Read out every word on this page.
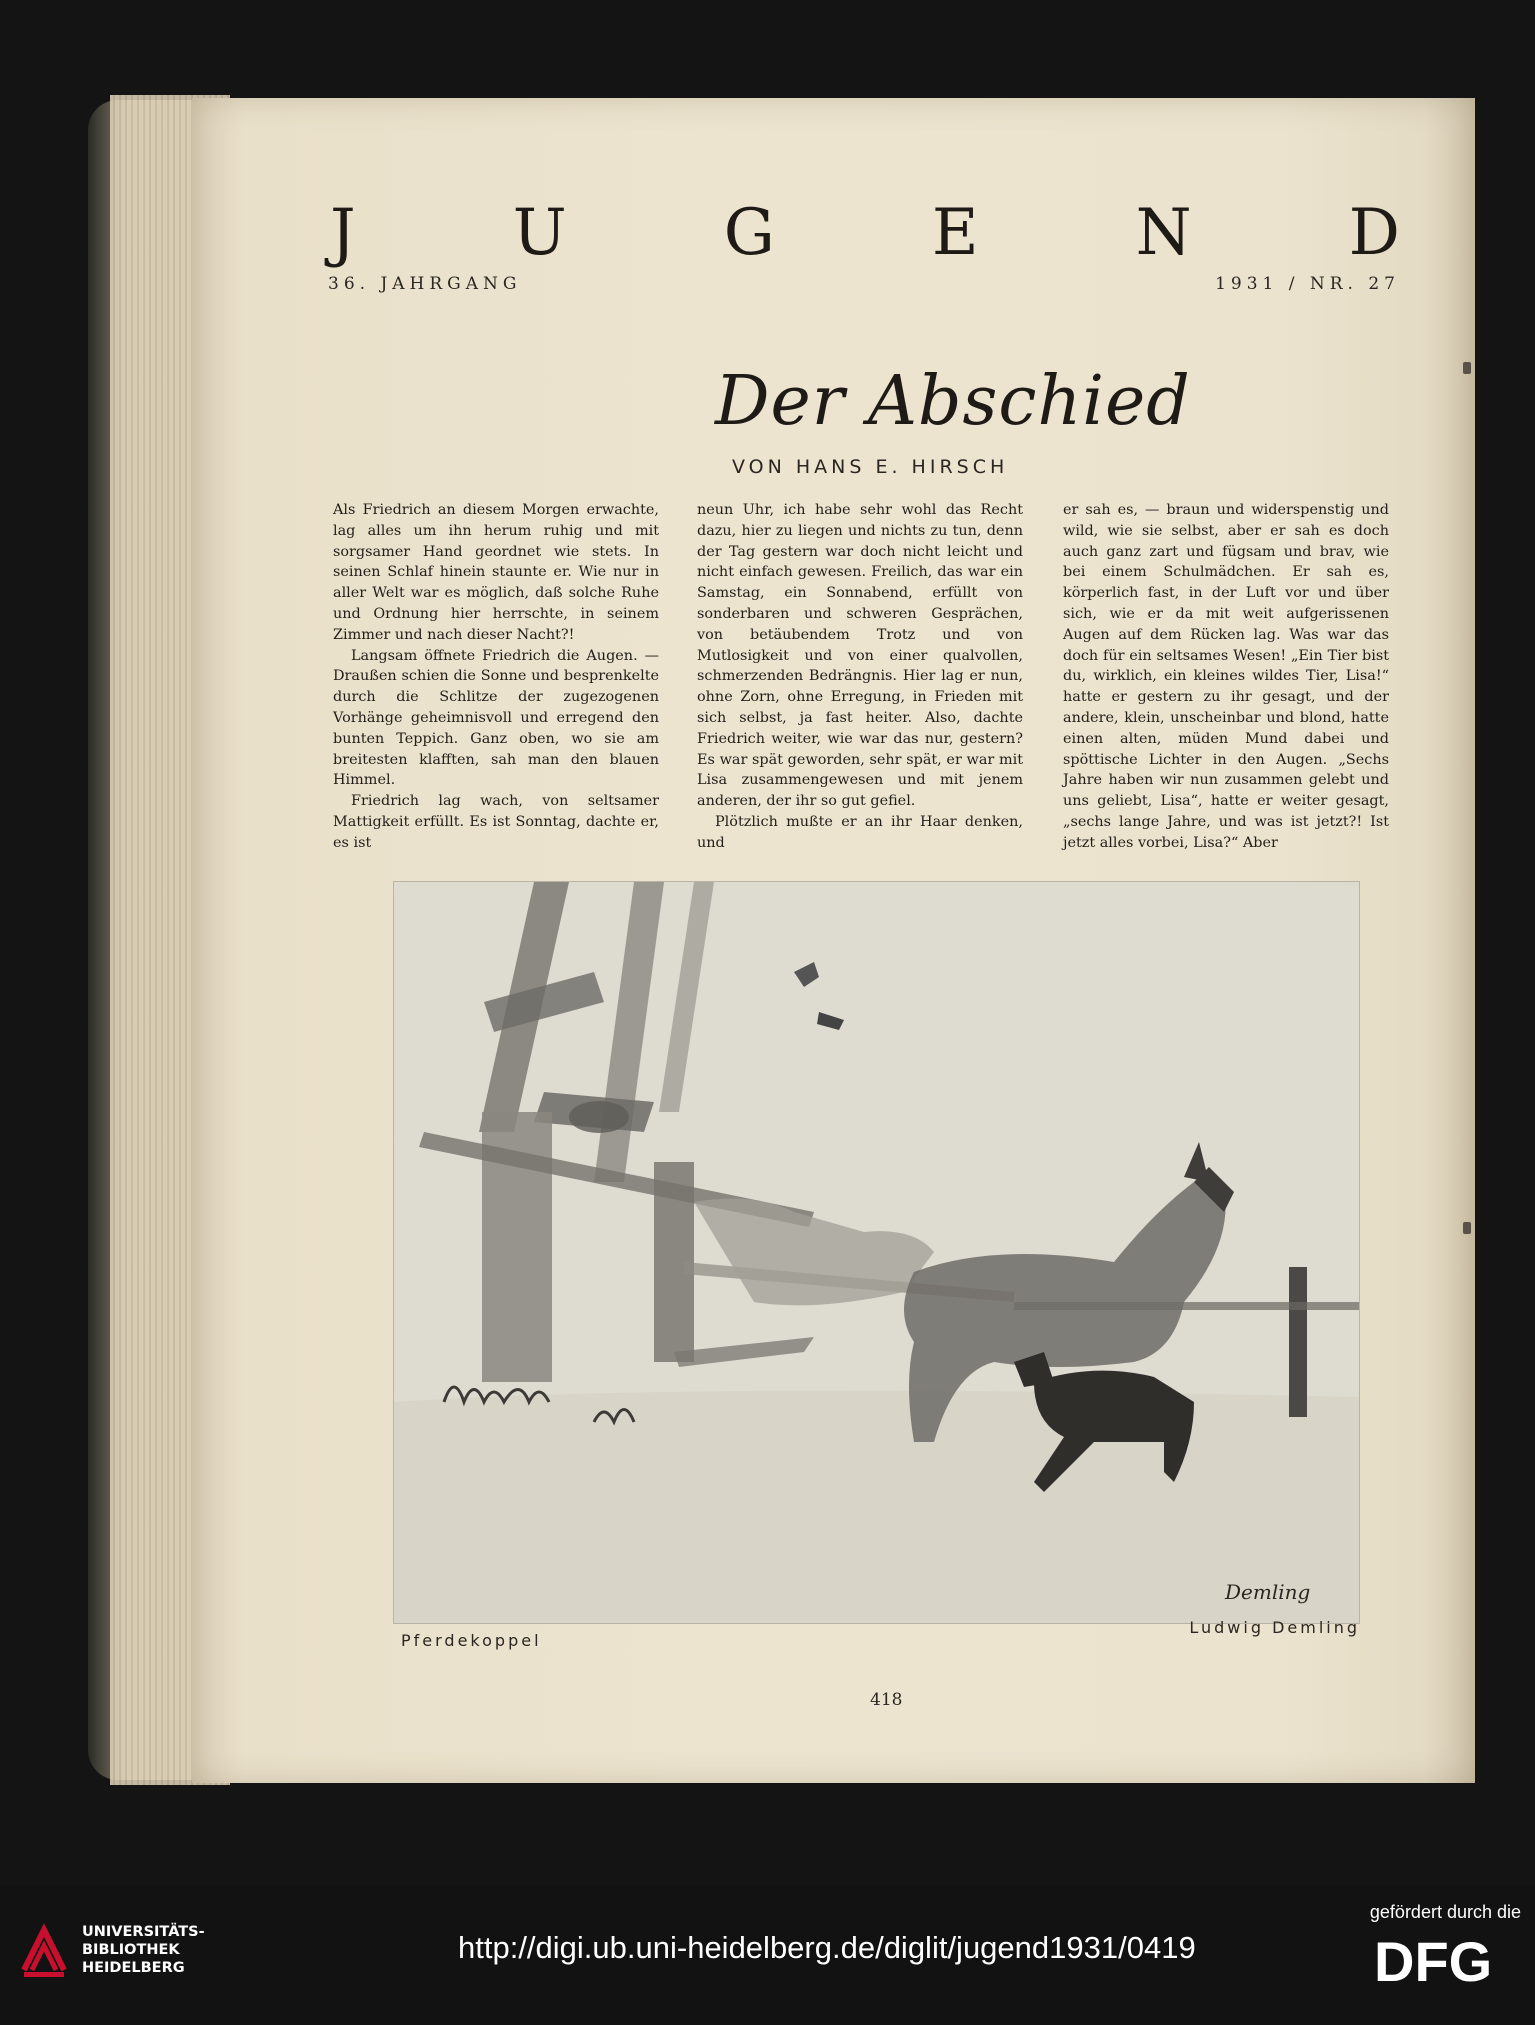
J U G E N D
36. JAHRGANG	1931 / NR. 27
Der Abschied
VON HANS E. HIRSCH

Als Friedrich an diesem Morgen erwachte, lag alles um ihn herum ruhig und mit sorgsamer Hand geordnet wie stets. In seinen Schlaf hinein staunte er. Wie nur in aller Welt war es möglich, daß solche Ruhe und Ordnung hier herrschte, in seinem Zimmer und nach dieser Nacht?!

Langsam öffnete Friedrich die Augen. — Draußen schien die Sonne und besprenkelte durch die Schlitze der zugezogenen Vorhänge geheimnisvoll und erregend den bunten Teppich. Ganz oben, wo sie am breitesten klafften, sah man den blauen Himmel.

Friedrich lag wach, von seltsamer Mattigkeit erfüllt. Es ist Sonntag, dachte er, es ist

neun Uhr, ich habe sehr wohl das Recht dazu, hier zu liegen und nichts zu tun, denn der Tag gestern war doch nicht leicht und nicht einfach gewesen. Freilich, das war ein Samstag, ein Sonnabend, erfüllt von sonderbaren und schweren Gesprächen, von betäubendem Trotz und von Mutlosigkeit und von einer qualvollen, schmerzenden Bedrängnis. Hier lag er nun, ohne Zorn, ohne Erregung, in Frieden mit sich selbst, ja fast heiter. Also, dachte Friedrich weiter, wie war das nur, gestern? Es war spät geworden, sehr spät, er war mit Lisa zusammengewesen und mit jenem anderen, der ihr so gut gefiel.

Plötzlich mußte er an ihr Haar denken, und

er sah es, — braun und widerspenstig und wild, wie sie selbst, aber er sah es doch auch ganz zart und fügsam und brav, wie bei einem Schulmädchen. Er sah es, körperlich fast, in der Luft vor und über sich, wie er da mit weit aufgerissenen Augen auf dem Rücken lag. Was war das doch für ein seltsames Wesen! „Ein Tier bist du, wirklich, ein kleines wildes Tier, Lisa!“ hatte er gestern zu ihr gesagt, und der andere, klein, unscheinbar und blond, hatte einen alten, müden Mund dabei und spöttische Lichter in den Augen. „Sechs Jahre haben wir nun zusammen gelebt und uns geliebt, Lisa“, hatte er weiter gesagt, „sechs lange Jahre, und was ist jetzt?! Ist jetzt alles vorbei, Lisa?“ Aber

Demling
Pferdekoppel
Ludwig Demling
418
UNIVERSITÄTS-
BIBLIOTHEK
HEIDELBERG
http://digi.ub.uni-heidelberg.de/diglit/jugend1931/0419
gefördert durch die
DFG
